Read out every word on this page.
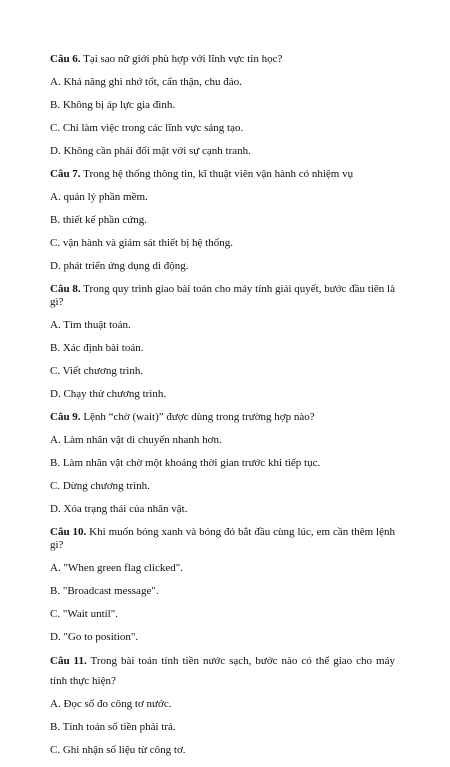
Câu 6. Tại sao nữ giới phù hợp với lĩnh vực tin học?

A. Khả năng ghi nhớ tốt, cẩn thận, chu đáo.

B. Không bị áp lực gia đình.

C. Chỉ làm việc trong các lĩnh vực sáng tạo.

D. Không cần phải đối mặt với sự cạnh tranh.

Câu 7. Trong hệ thống thông tin, kĩ thuật viên vận hành có nhiệm vụ

A. quản lý phần mềm.

B. thiết kế phần cứng.

C. vận hành và giám sát thiết bị hệ thống.

D. phát triển ứng dụng di động.

Câu 8. Trong quy trình giao bài toán cho máy tính giải quyết, bước đầu tiên là gì?

A. Tìm thuật toán.

B. Xác định bài toán.

C. Viết chương trình.

D. Chạy thử chương trình.

Câu 9. Lệnh “chờ (wait)” được dùng trong trường hợp nào?

A. Làm nhân vật di chuyển nhanh hơn.

B. Làm nhân vật chờ một khoảng thời gian trước khi tiếp tục.

C. Dừng chương trình.

D. Xóa trạng thái của nhân vật.

Câu 10. Khi muốn bóng xanh và bóng đỏ bắt đầu cùng lúc, em cần thêm lệnh gì?

A. "When green flag clicked".

B. "Broadcast message".

C. "Wait until".

D. "Go to position".

Câu 11. Trong bài toán tính tiền nước sạch, bước nào có thể giao cho máy tính thực hiện?

A. Đọc số đo công tơ nước.

B. Tính toán số tiền phải trả.

C. Ghi nhận số liệu từ công tơ.
